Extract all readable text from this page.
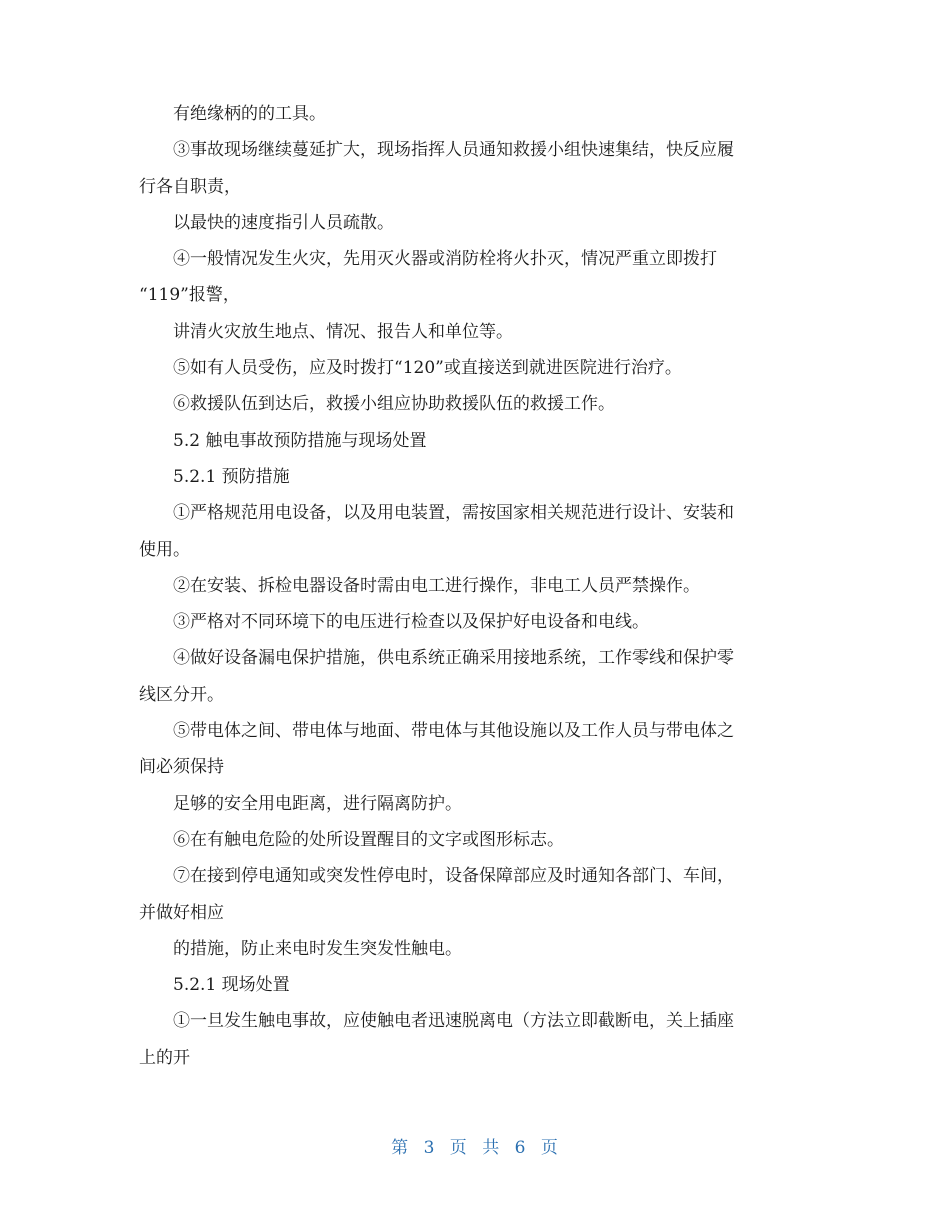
有绝缘柄的的工具。
③事故现场继续蔓延扩大，现场指挥人员通知救援小组快速集结，快反应履
行各自职责，
以最快的速度指引人员疏散。
④一般情况发生火灾，先用灭火器或消防栓将火扑灭，情况严重立即拨打
“119”报警，
讲清火灾放生地点、情况、报告人和单位等。
⑤如有人员受伤，应及时拨打“120”或直接送到就进医院进行治疗。
⑥救援队伍到达后，救援小组应协助救援队伍的救援工作。
5.2 触电事故预防措施与现场处置
5.2.1 预防措施
①严格规范用电设备，以及用电装置，需按国家相关规范进行设计、安装和
使用。
②在安装、拆检电器设备时需由电工进行操作，非电工人员严禁操作。
③严格对不同环境下的电压进行检查以及保护好电设备和电线。
④做好设备漏电保护措施，供电系统正确采用接地系统，工作零线和保护零
线区分开。
⑤带电体之间、带电体与地面、带电体与其他设施以及工作人员与带电体之
间必须保持
足够的安全用电距离，进行隔离防护。
⑥在有触电危险的处所设置醒目的文字或图形标志。
⑦在接到停电通知或突发性停电时，设备保障部应及时通知各部门、车间，
并做好相应
的措施，防止来电时发生突发性触电。
5.2.1 现场处置
①一旦发生触电事故，应使触电者迅速脱离电（方法立即截断电，关上插座
上的开
第 3 页 共 6 页
